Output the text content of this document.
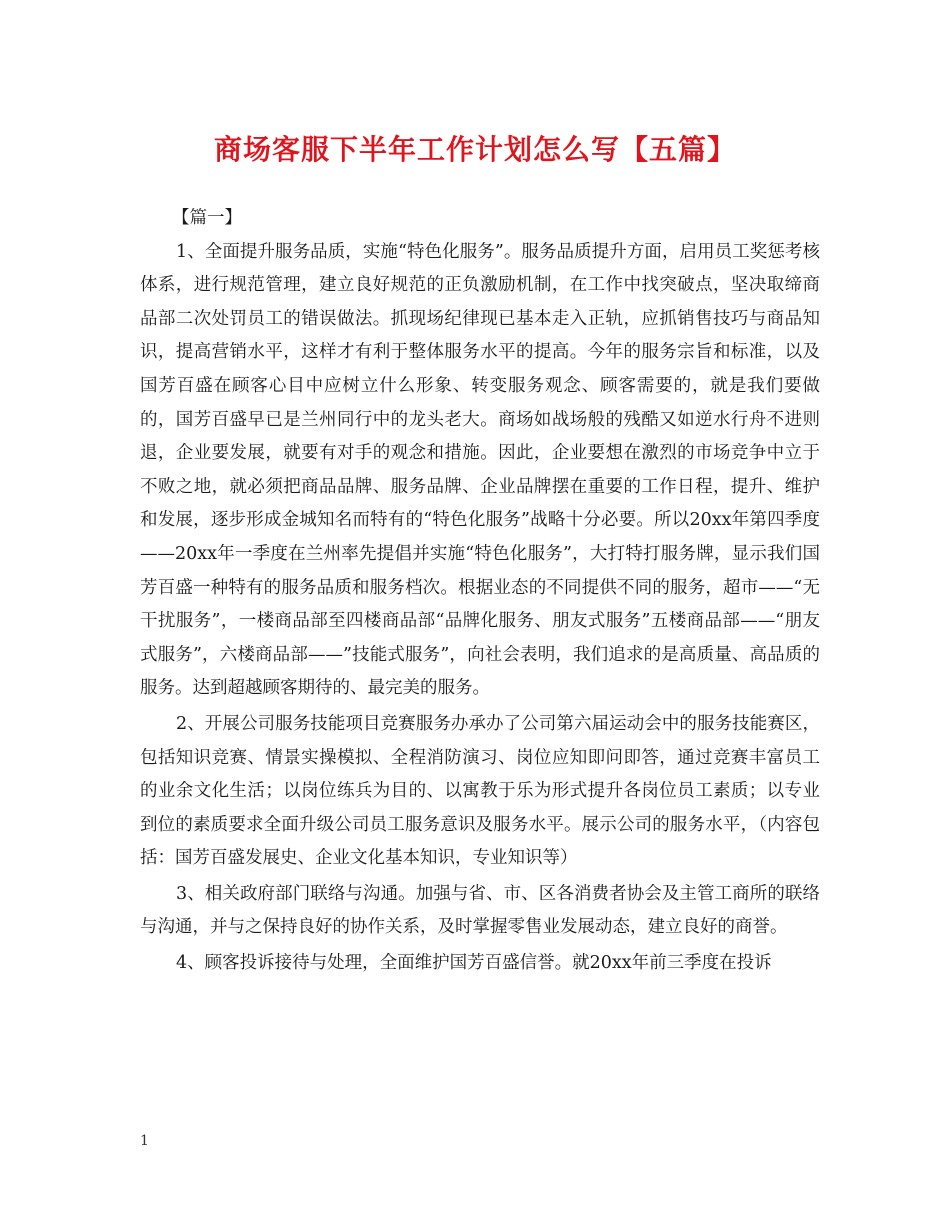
商场客服下半年工作计划怎么写【五篇】

【篇一】

1、全面提升服务品质，实施“特色化服务”。服务品质提升方面，启用员工奖惩考核体系，进行规范管理，建立良好规范的正负激励机制，在工作中找突破点，坚决取缔商品部二次处罚员工的错误做法。抓现场纪律现已基本走入正轨，应抓销售技巧与商品知识，提高营销水平，这样才有利于整体服务水平的提高。今年的服务宗旨和标准，以及国芳百盛在顾客心目中应树立什么形象、转变服务观念、顾客需要的，就是我们要做的，国芳百盛早已是兰州同行中的龙头老大。商场如战场般的残酷又如逆水行舟不进则退，企业要发展，就要有对手的观念和措施。因此，企业要想在激烈的市场竞争中立于不败之地，就必须把商品品牌、服务品牌、企业品牌摆在重要的工作日程，提升、维护和发展，逐步形成金城知名而特有的“特色化服务”战略十分必要。所以20xx年第四季度——20xx年一季度在兰州率先提倡并实施“特色化服务”，大打特打服务牌，显示我们国芳百盛一种特有的服务品质和服务档次。根据业态的不同提供不同的服务，超市——“无干扰服务”，一楼商品部至四楼商品部“品牌化服务、朋友式服务”五楼商品部——“朋友式服务”，六楼商品部——”技能式服务”，向社会表明，我们追求的是高质量、高品质的服务。达到超越顾客期待的、最完美的服务。

2、开展公司服务技能项目竞赛服务办承办了公司第六届运动会中的服务技能赛区，包括知识竞赛、情景实操模拟、全程消防演习、岗位应知即问即答，通过竞赛丰富员工的业余文化生活；以岗位练兵为目的、以寓教于乐为形式提升各岗位员工素质；以专业到位的素质要求全面升级公司员工服务意识及服务水平。展示公司的服务水平，（内容包括：国芳百盛发展史、企业文化基本知识，专业知识等）

3、相关政府部门联络与沟通。加强与省、市、区各消费者协会及主管工商所的联络与沟通，并与之保持良好的协作关系，及时掌握零售业发展动态，建立良好的商誉。

4、顾客投诉接待与处理，全面维护国芳百盛信誉。就20xx年前三季度在投诉

1
